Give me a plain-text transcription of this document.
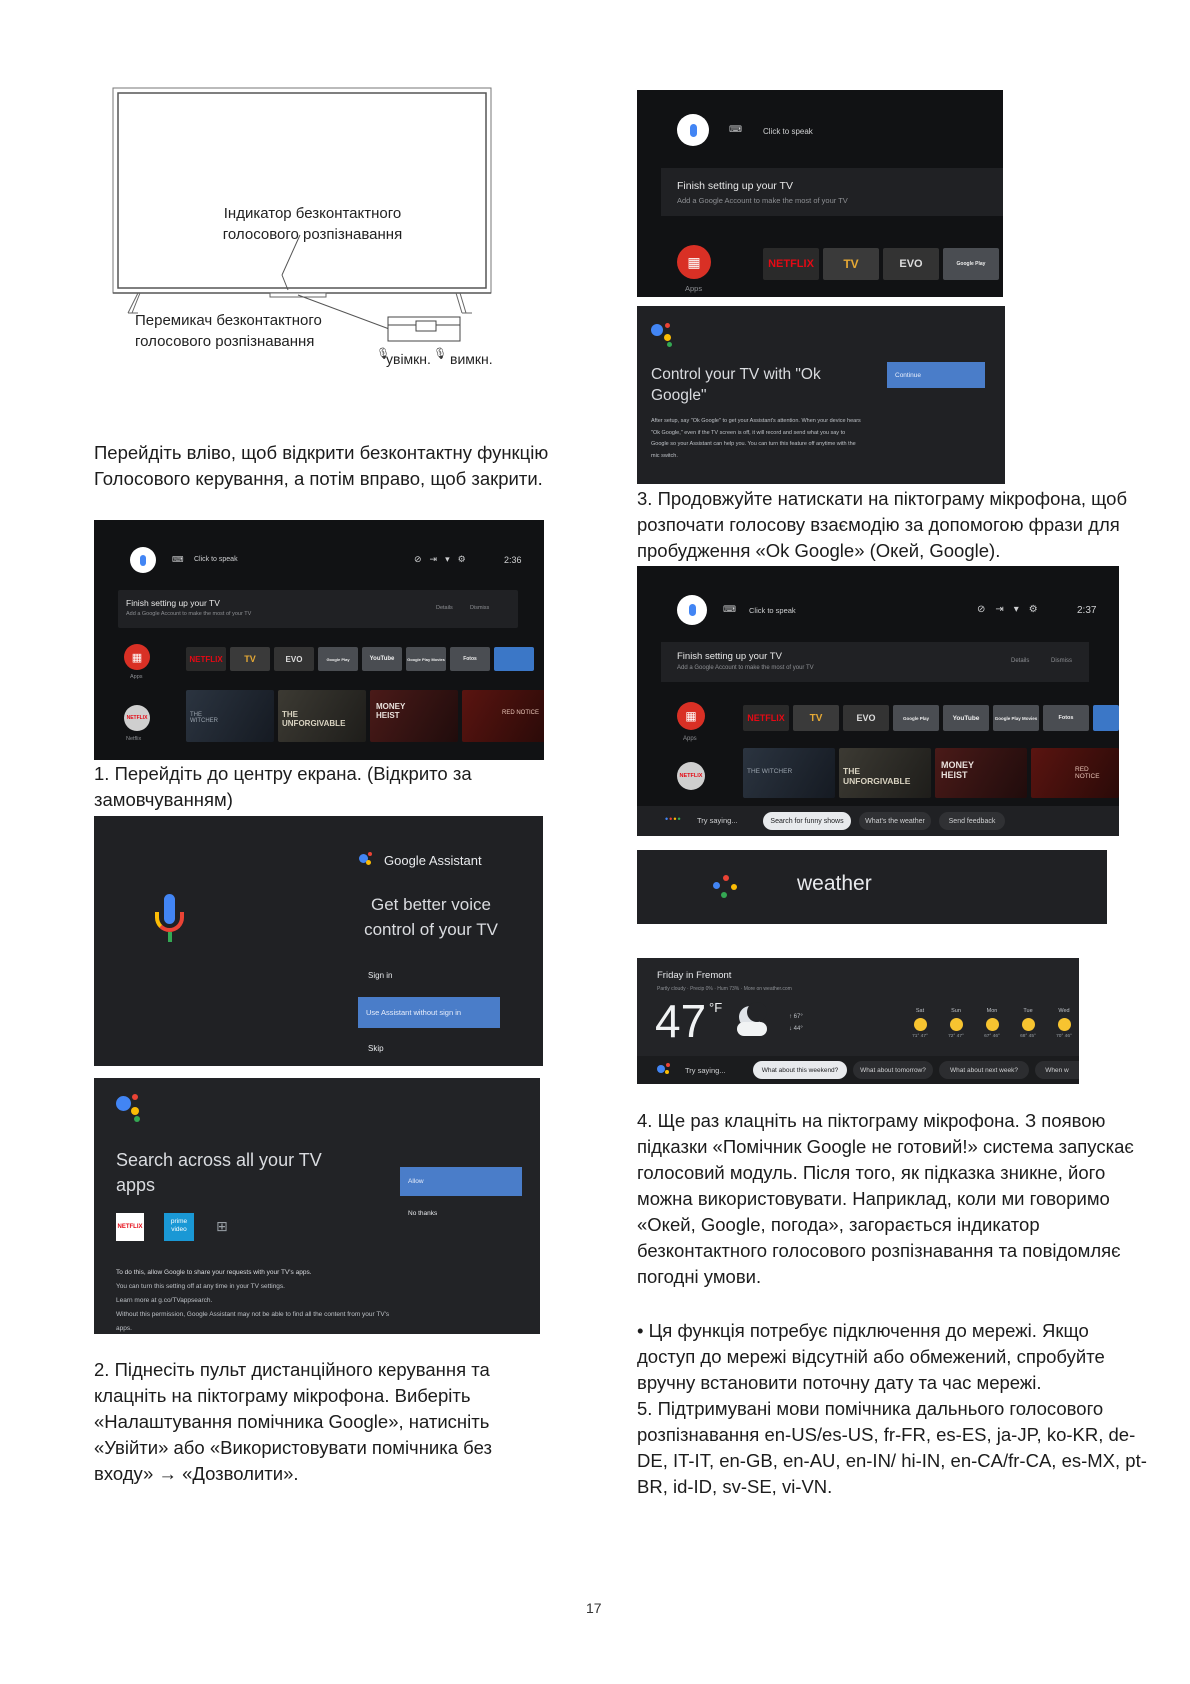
🎙	🎙
Індикатор безконтактного голосового розпізнавання
Перемикач безконтактного голосового розпізнавання
увімкн. вимкн.
Перейдіть вліво, щоб відкрити безконтактну функцію Голосового керування, а потім вправо, щоб закрити.
⌨ Click to speak	⊘⇥▾⚙	2:36
Finish setting up your TV
Add a Google Account to make the most of your TV
Details	Dismiss
▦
Apps
NETFLIX	TV	EVO	Google Play	YouTube	Google Play Movies	Fotos
NETFLIX
Netflix
THE WITCHER
THE UNFORGIVABLE
MONEY HEIST	RED NOTICE
1. Перейдіть до центру екрана. (Відкрито за замовчуванням)
Google Assistant
Get better voice control of your TV
Sign in
Use Assistant without sign in
Skip
Search across all your TV apps	Allow
No thanks
NETFLIX
prime video	⊞
To do this, allow Google to share your requests with your TV's apps.
You can turn this setting off at any time in your TV settings.
Learn more at g.co/TVappsearch.
Without this permission, Google Assistant may not be able to find all the content from your TV's apps.
2. Піднесіть пульт дистанційного керування та клацніть на піктограму мікрофона. Виберіть «Налаштування помічника Google», натисніть «Увійти» або «Використовувати помічника без входу» → «Дозволити».
⌨	Click to speak
Finish setting up your TV
Add a Google Account to make the most of your TV
▦
Apps
NETFLIX	TV	EVO	Google Play
Control your TV with "Ok Google"
Continue
After setup, say "Ok Google" to get your Assistant's attention. When your device hears "Ok Google," even if the TV screen is off, it will record and send what you say to Google so your Assistant can help you. You can turn this feature off anytime with the mic switch.
3. Продовжуйте натискати на піктограму мікрофона, щоб розпочати голосову взаємодію за допомогою фрази для пробудження «Ok Google» (Окей, Google).
⌨ Click to speak	⊘⇥▾⚙	2:37
Finish setting up your TV
Add a Google Account to make the most of your TV
Details	Dismiss
▦
Apps
NETFLIX	TV	EVO	Google Play	YouTube	Google Play Movies	Fotos
NETFLIX
THE WITCHER	THE UNFORGIVABLE
MONEY HEIST
RED NOTICE
•••• Try saying...	Search for funny shows	What's the weather	Send feedback
weather
Friday in Fremont
Partly cloudy · Precip 0% · Hum 73% · More on weather.com
47 °F
↑ 67°
↓ 44°
Sat
71° 47°
Sun
72° 47°
Mon
67° 46°
Tue
68° 45°
Wed
70° 46°
Try saying...	What about this weekend?	What about tomorrow?	What about next week?	When w
4. Ще раз клацніть на піктограму мікрофона. З появою підказки «Помічник Google не готовий!» система запускає голосовий модуль. Після того, як підказка зникне, його можна використовувати. Наприклад, коли ми говоримо «Окей, Google, погода», загорається індикатор безконтактного голосового розпізнавання та повідомляє погодні умови.
• Ця функція потребує підключення до мережі. Якщо доступ до мережі відсутній або обмежений, спробуйте вручну встановити поточну дату та час мережі.
5. Підтримувані мови помічника дальнього голосового розпізнавання en-US/es-US, fr-FR, es-ES, ja-JP, ko-KR, de-DE, IT-IT, en-GB, en-AU, en-IN/ hi-IN, en-CA/fr-CA, es-MX, pt-BR, id-ID, sv-SE, vi-VN.
17
